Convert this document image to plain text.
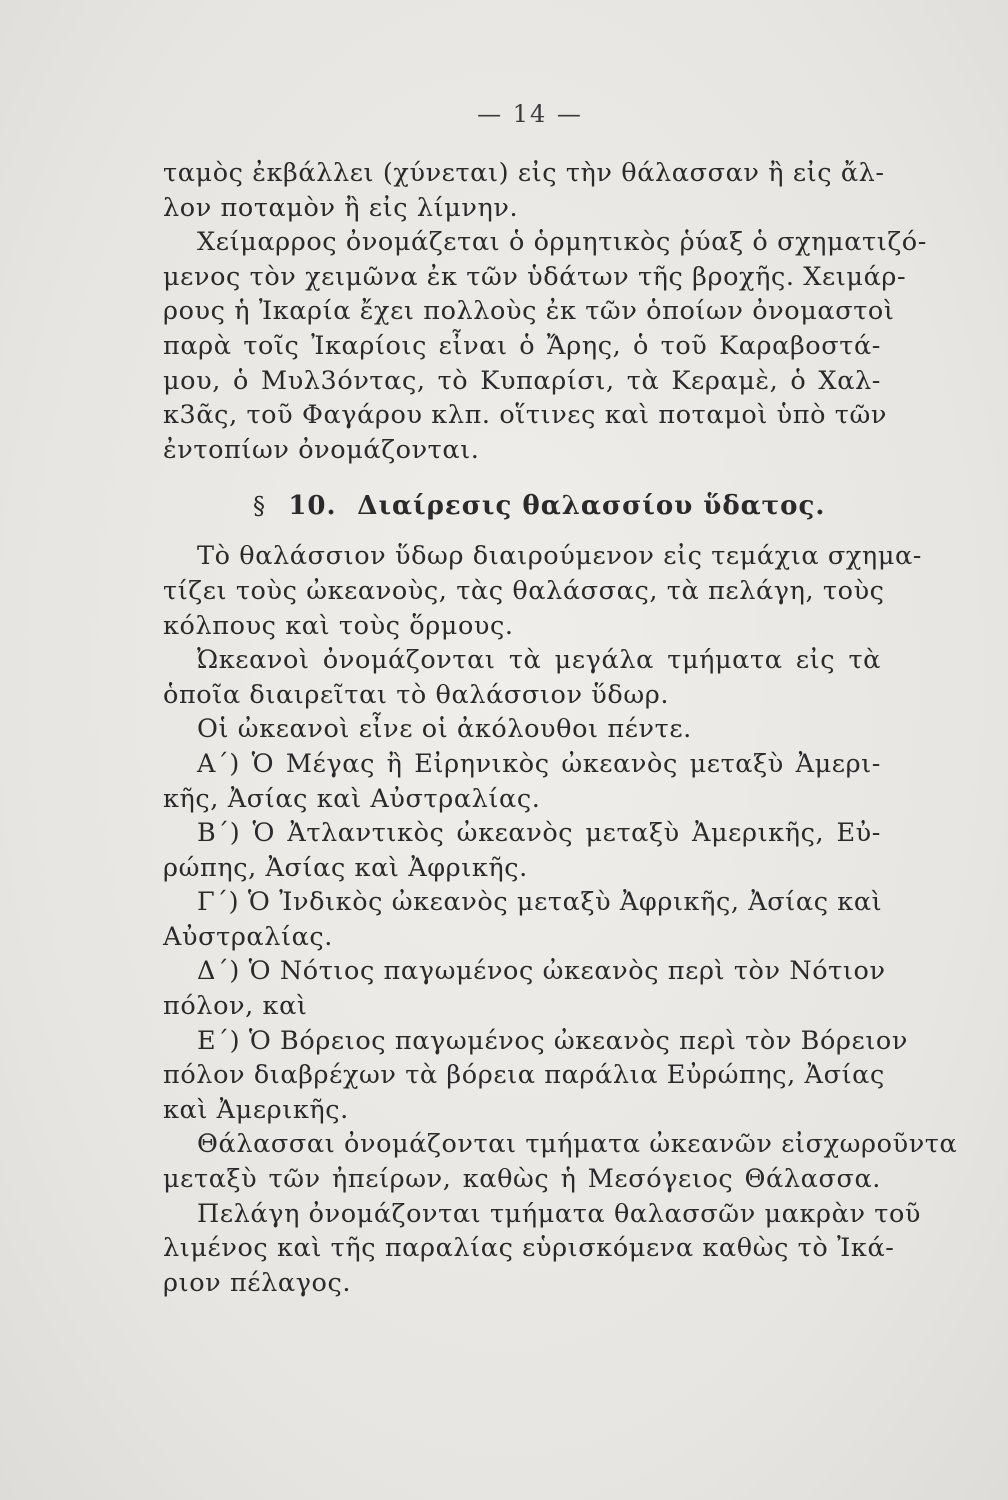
— 14 —
ταμὸς ἐκβάλλει (χύνεται) εἰς τὴν θάλασσαν ἢ εἰς ἄλ-
λον ποταμὸν ἢ εἰς λίμνην.
Χείμαρρος ὀνομάζεται ὁ ὁρμητικὸς ῥύαξ ὁ σχηματιζό-
μενος τὸν χειμῶνα ἐκ τῶν ὑδάτων τῆς βροχῆς. Χειμάρ-
ρους ἡ Ἰκαρία ἔχει πολλοὺς ἐκ τῶν ὁποίων ὀνομαστοὶ
παρὰ τοῖς Ἰκαρίοις εἶναι ὁ Ἄρης, ὁ τοῦ Καραβοστά-
μου, ὁ Μυλ3όντας, τὸ Κυπαρίσι, τὰ Κεραμὲ, ὁ Χαλ-
κ3ᾶς, τοῦ Φαγάρου κλπ. οἵτινες καὶ ποταμοὶ ὑπὸ τῶν
ἐντοπίων ὀνομάζονται.
§ 10. Διαίρεσις θαλασσίου ὕδατος.
Τὸ θαλάσσιον ὕδωρ διαιρούμενον εἰς τεμάχια σχημα-
τίζει τοὺς ὠκεανοὺς, τὰς θαλάσσας, τὰ πελάγη, τοὺς
κόλπους καὶ τοὺς ὅρμους.
Ὠκεανοὶ ὀνομάζονται τὰ μεγάλα τμήματα εἰς τὰ
ὁποῖα διαιρεῖται τὸ θαλάσσιον ὕδωρ.
Οἱ ὠκεανοὶ εἶνε οἱ ἀκόλουθοι πέντε.
Α΄) Ὁ Μέγας ἢ Εἰρηνικὸς ὠκεανὸς μεταξὺ Ἀμερι-
κῆς, Ἀσίας καὶ Αὐστραλίας.
Β΄) Ὁ Ἀτλαντικὸς ὠκεανὸς μεταξὺ Ἀμερικῆς, Εὐ-
ρώπης, Ἀσίας καὶ Ἀφρικῆς.
Γ΄) Ὁ Ἰνδικὸς ὠκεανὸς μεταξὺ Ἀφρικῆς, Ἀσίας καὶ
Αὐστραλίας.
Δ΄) Ὁ Νότιος παγωμένος ὠκεανὸς περὶ τὸν Νότιον
πόλον, καὶ
Ε΄) Ὁ Βόρειος παγωμένος ὠκεανὸς περὶ τὸν Βόρειον
πόλον διαβρέχων τὰ βόρεια παράλια Εὐρώπης, Ἀσίας
καὶ Ἀμερικῆς.
Θάλασσαι ὀνομάζονται τμήματα ὠκεανῶν εἰσχωροῦντα
μεταξὺ τῶν ἠπείρων, καθὼς ἡ Μεσόγειος Θάλασσα.
Πελάγη ὀνομάζονται τμήματα θαλασσῶν μακρὰν τοῦ
λιμένος καὶ τῆς παραλίας εὑρισκόμενα καθὼς τὸ Ἰκά-
ριον πέλαγος.
